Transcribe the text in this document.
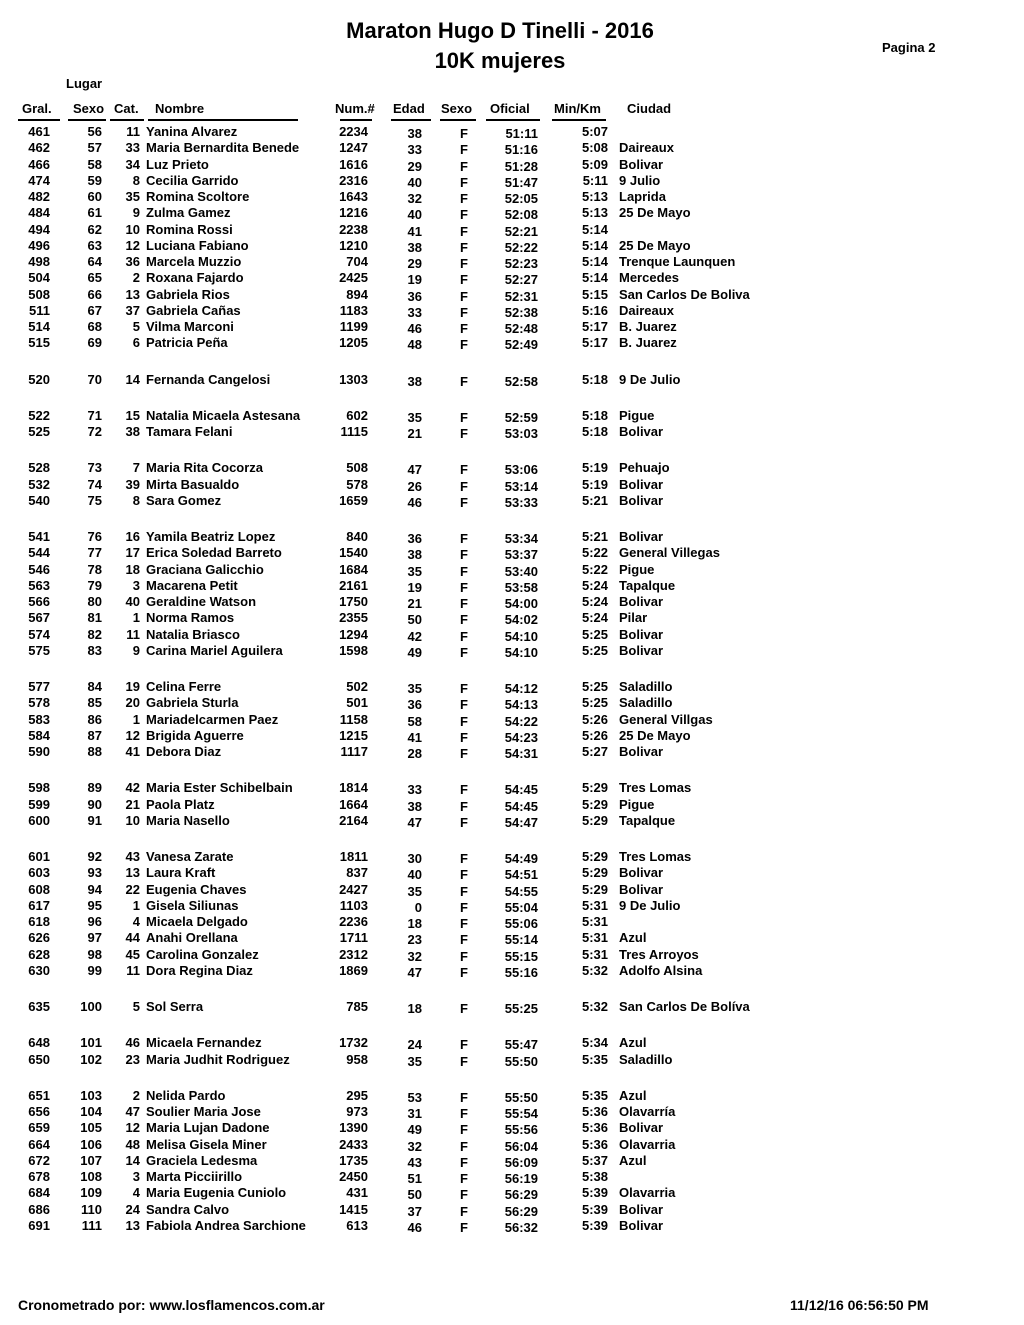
Maraton Hugo D Tinelli - 2016
10K mujeres
Pagina 2
Lugar
Gral. Sexo Cat. Nombre	Num.# Edad Sexo Oficial Min/Km Ciudad
461	56	11 Yanina Alvarez	2234	38	F	51:11	5:07
462	57	33 Maria Bernardita Benede	1247	33	F	51:16	5:08 Daireaux
466	58	34 Luz Prieto	1616	29	F	51:28	5:09 Bolivar
474	59	8 Cecilia Garrido	2316	40	F	51:47	5:11 9 Julio
482	60	35 Romina Scoltore	1643	32	F	52:05	5:13 Laprida
484	61	9 Zulma Gamez	1216	40	F	52:08	5:13 25 De Mayo
494	62	10 Romina Rossi	2238	41	F	52:21	5:14
496	63	12 Luciana Fabiano	1210	38	F	52:22	5:14 25 De Mayo
498	64	36 Marcela Muzzio	704	29	F	52:23	5:14 Trenque Launquen
504	65	2 Roxana Fajardo	2425	19	F	52:27	5:14 Mercedes
508	66	13 Gabriela Rios	894	36	F	52:31	5:15 San Carlos De Boliva
511	67	37 Gabriela Cañas	1183	33	F	52:38	5:16 Daireaux
514	68	5 Vilma Marconi	1199	46	F	52:48	5:17 B. Juarez
515	69	6 Patricia Peña	1205	48	F	52:49	5:17 B. Juarez
520	70	14 Fernanda Cangelosi	1303	38	F	52:58	5:18 9 De Julio
522	71	15 Natalia Micaela Astesana	602	35	F	52:59	5:18 Pigue
525	72	38 Tamara Felani	1115	21	F	53:03	5:18 Bolivar
528	73	7 Maria Rita Cocorza	508	47	F	53:06	5:19 Pehuajo
532	74	39 Mirta Basualdo	578	26	F	53:14	5:19 Bolivar
540	75	8 Sara Gomez	1659	46	F	53:33	5:21 Bolivar
541	76	16 Yamila Beatriz Lopez	840	36	F	53:34	5:21 Bolivar
544	77	17 Erica Soledad Barreto	1540	38	F	53:37	5:22 General Villegas
546	78	18 Graciana Galicchio	1684	35	F	53:40	5:22 Pigue
563	79	3 Macarena Petit	2161	19	F	53:58	5:24 Tapalque
566	80	40 Geraldine Watson	1750	21	F	54:00	5:24 Bolivar
567	81	1 Norma Ramos	2355	50	F	54:02	5:24 Pilar
574	82	11 Natalia Briasco	1294	42	F	54:10	5:25 Bolivar
575	83	9 Carina Mariel Aguilera	1598	49	F	54:10	5:25 Bolivar
577	84	19 Celina Ferre	502	35	F	54:12	5:25 Saladillo
578	85	20 Gabriela Sturla	501	36	F	54:13	5:25 Saladillo
583	86	1 Mariadelcarmen Paez	1158	58	F	54:22	5:26 General Villgas
584	87	12 Brigida Aguerre	1215	41	F	54:23	5:26 25 De Mayo
590	88	41 Debora Diaz	1117	28	F	54:31	5:27 Bolivar
598	89	42 Maria Ester Schibelbain	1814	33	F	54:45	5:29 Tres Lomas
599	90	21 Paola Platz	1664	38	F	54:45	5:29 Pigue
600	91	10 Maria Nasello	2164	47	F	54:47	5:29 Tapalque
601	92	43 Vanesa Zarate	1811	30	F	54:49	5:29 Tres Lomas
603	93	13 Laura Kraft	837	40	F	54:51	5:29 Bolivar
608	94	22 Eugenia Chaves	2427	35	F	54:55	5:29 Bolivar
617	95	1 Gisela Siliunas	1103	0	F	55:04	5:31 9 De Julio
618	96	4 Micaela Delgado	2236	18	F	55:06	5:31
626	97	44 Anahi Orellana	1711	23	F	55:14	5:31 Azul
628	98	45 Carolina Gonzalez	2312	32	F	55:15	5:31 Tres Arroyos
630	99	11 Dora Regina Diaz	1869	47	F	55:16	5:32 Adolfo Alsina
635	100	5 Sol Serra	785	18	F	55:25	5:32 San Carlos De Bolíva
648	101	46 Micaela Fernandez	1732	24	F	55:47	5:34 Azul
650	102	23 Maria Judhit Rodriguez	958	35	F	55:50	5:35 Saladillo
651	103	2 Nelida Pardo	295	53	F	55:50	5:35 Azul
656	104	47 Soulier Maria Jose	973	31	F	55:54	5:36 Olavarría
659	105	12 Maria Lujan Dadone	1390	49	F	55:56	5:36 Bolivar
664	106	48 Melisa Gisela Miner	2433	32	F	56:04	5:36 Olavarria
672	107	14 Graciela Ledesma	1735	43	F	56:09	5:37 Azul
678	108	3 Marta Picciirillo	2450	51	F	56:19	5:38
684	109	4 Maria Eugenia Cuniolo	431	50	F	56:29	5:39 Olavarria
686	110	24 Sandra Calvo	1415	37	F	56:29	5:39 Bolivar
691	111	13 Fabiola Andrea Sarchione	613	46	F	56:32	5:39 Bolivar
Cronometrado por: www.losflamencos.com.ar	11/12/16 06:56:50 PM
